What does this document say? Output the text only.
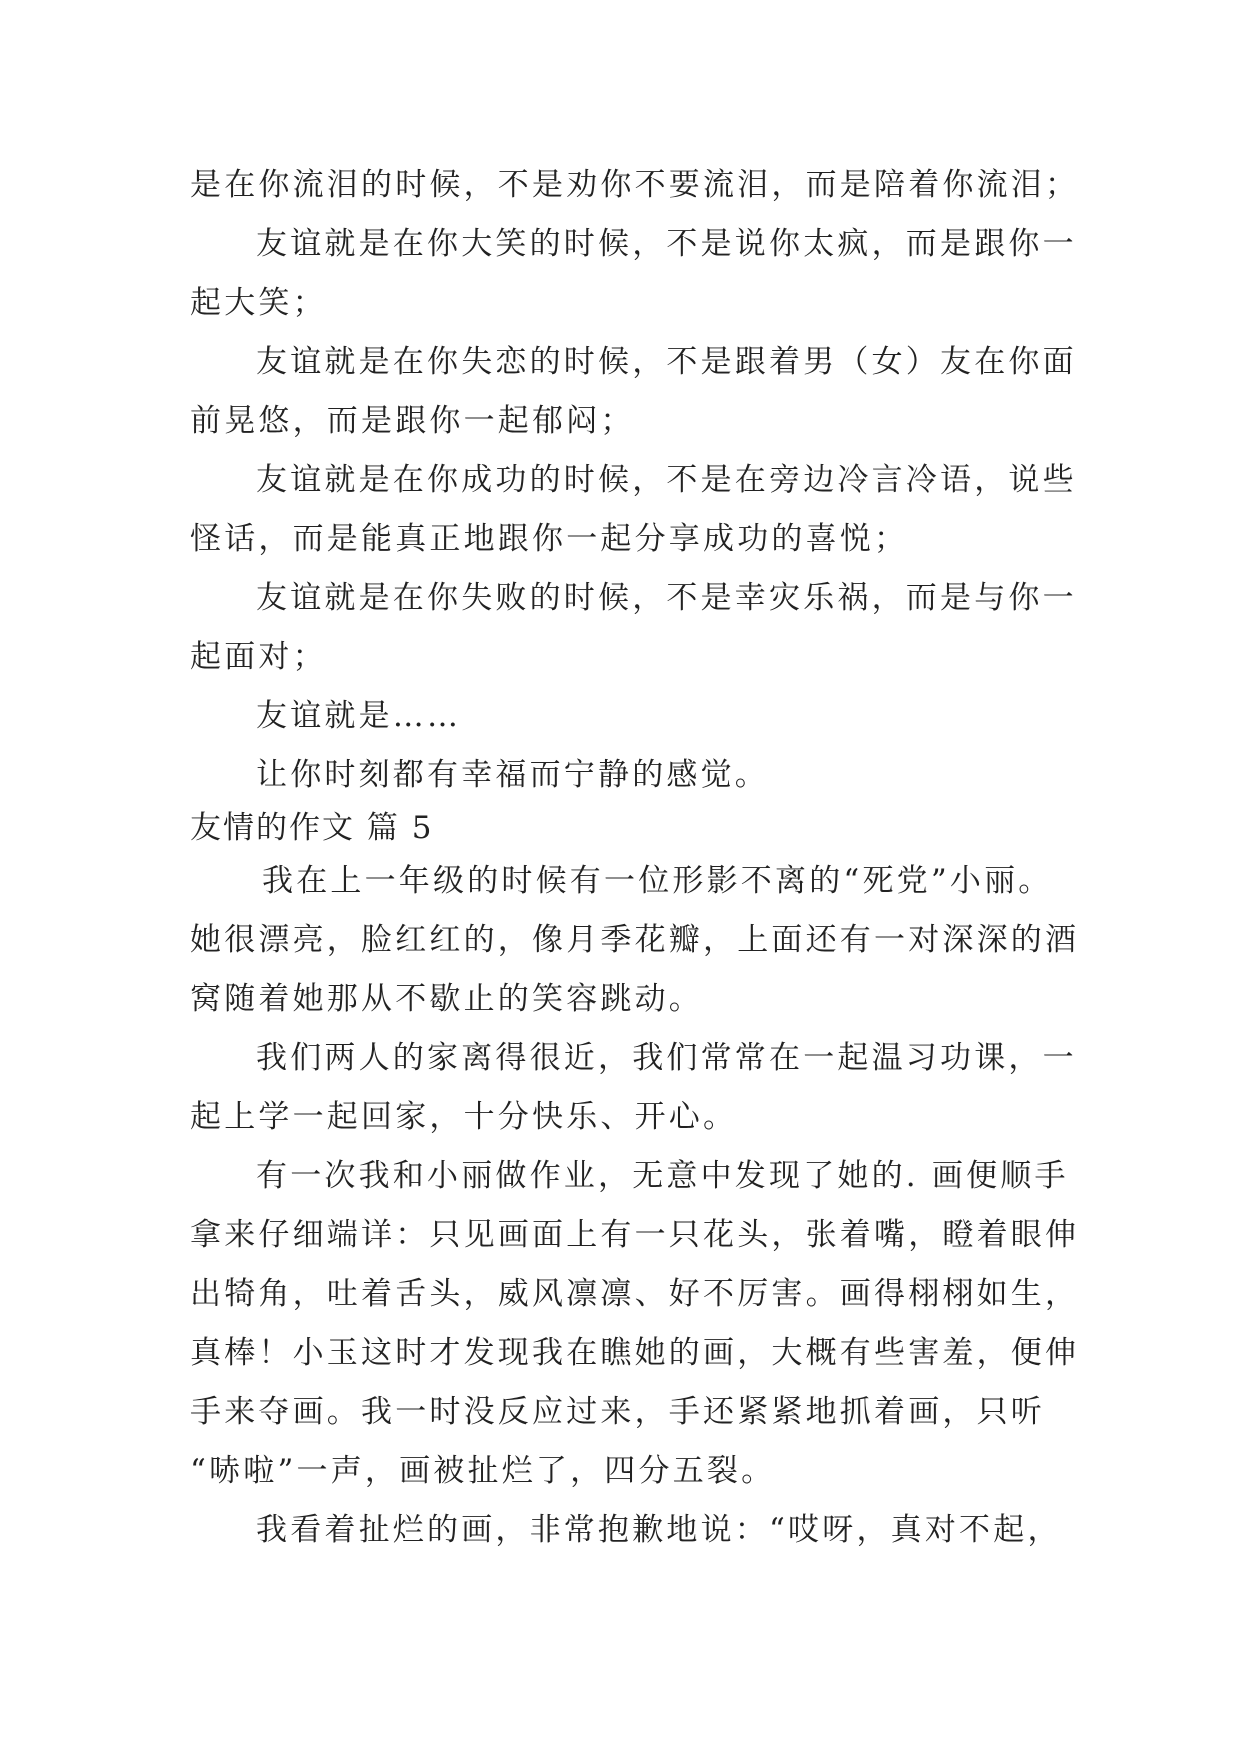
是在你流泪的时候，不是劝你不要流泪，而是陪着你流泪；
友谊就是在你大笑的时候，不是说你太疯，而是跟你一
起大笑；
友谊就是在你失恋的时候，不是跟着男（女）友在你面
前晃悠，而是跟你一起郁闷；
友谊就是在你成功的时候，不是在旁边冷言冷语，说些
怪话，而是能真正地跟你一起分享成功的喜悦；
友谊就是在你失败的时候，不是幸灾乐祸，而是与你一
起面对；
友谊就是……
让你时刻都有幸福而宁静的感觉。
友情的作文 篇 5
我在上一年级的时候有一位形影不离的“死党”小丽。
她很漂亮，脸红红的，像月季花瓣，上面还有一对深深的酒
窝随着她那从不歇止的笑容跳动。
我们两人的家离得很近，我们常常在一起温习功课，一
起上学一起回家，十分快乐、开心。
有一次我和小丽做作业，无意中发现了她的. 画便顺手
拿来仔细端详：只见画面上有一只花头，张着嘴，瞪着眼伸
出犄角，吐着舌头，威风凛凛、好不厉害。画得栩栩如生，
真棒！小玉这时才发现我在瞧她的画，大概有些害羞，便伸
手来夺画。我一时没反应过来，手还紧紧地抓着画，只听
“哧啦”一声，画被扯烂了，四分五裂。
我看着扯烂的画，非常抱歉地说：“哎呀，真对不起，
